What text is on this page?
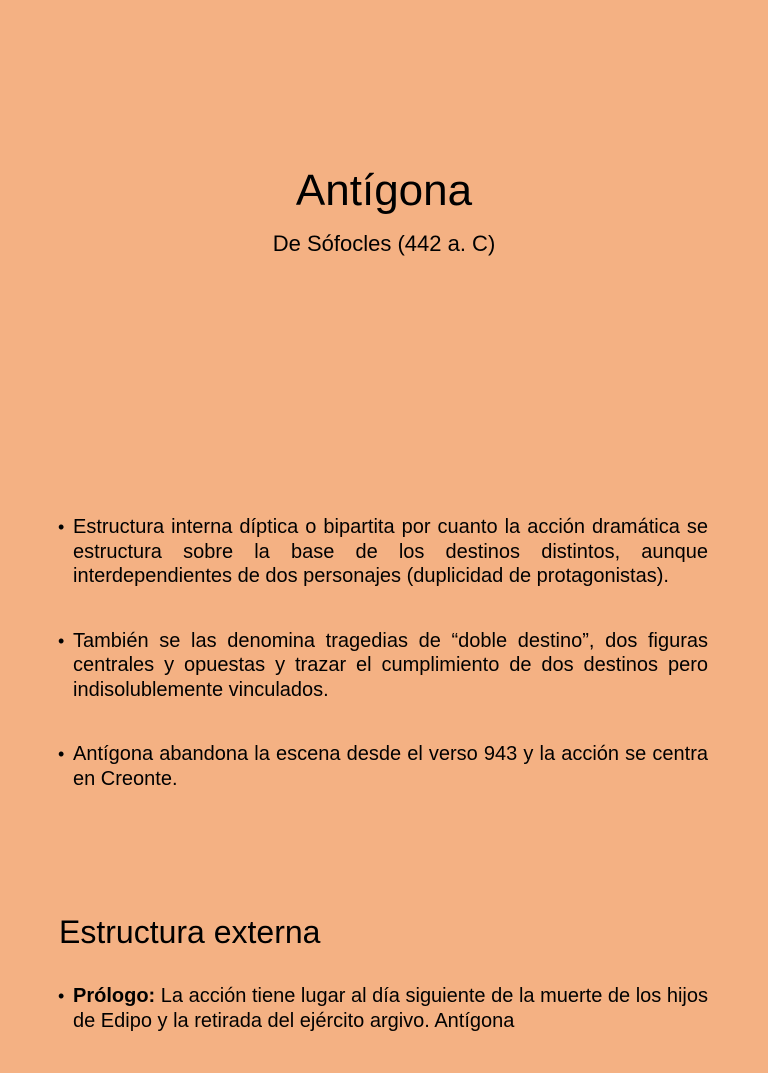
Antígona

De Sófocles (442 a. C)

• Estructura interna díptica o bipartita por cuanto la acción dramática se estructura sobre la base de los destinos distintos, aunque interdependientes de dos personajes (duplicidad de protagonistas).
• También se las denomina tragedias de “doble destino”, dos figuras centrales y opuestas y trazar el cumplimiento de dos destinos pero indisolublemente vinculados.
• Antígona abandona la escena desde el verso 943 y la acción se centra en Creonte.
Estructura externa
• Prólogo: La acción tiene lugar al día siguiente de la muerte de los hijos de Edipo y la retirada del ejército argivo. Antígona
